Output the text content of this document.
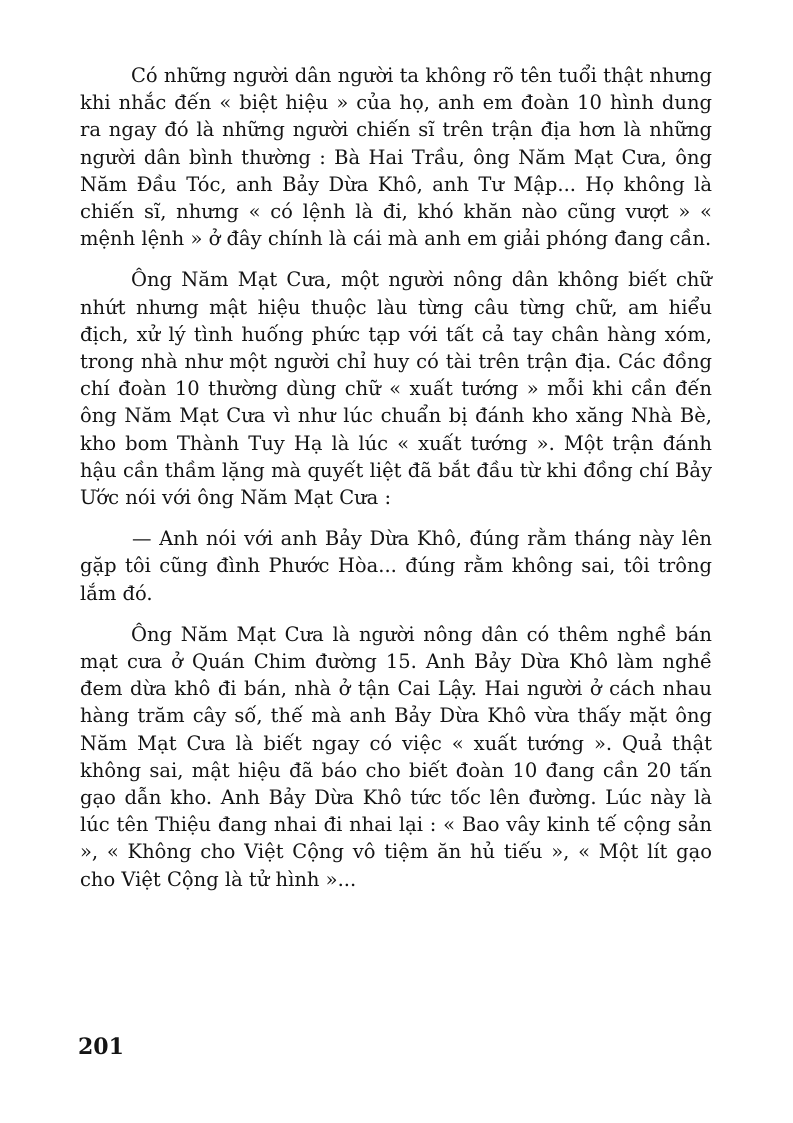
Có những người dân người ta không rõ tên tuổi thật nhưng khi nhắc đến « biệt hiệu » của họ, anh em đoàn 10 hình dung ra ngay đó là những người chiến sĩ trên trận địa hơn là những người dân bình thường : Bà Hai Trầu, ông Năm Mạt Cưa, ông Năm Đầu Tóc, anh Bảy Dừa Khô, anh Tư Mập... Họ không là chiến sĩ, nhưng « có lệnh là đi, khó khăn nào cũng vượt » « mệnh lệnh » ở đây chính là cái mà anh em giải phóng đang cần.

Ông Năm Mạt Cưa, một người nông dân không biết chữ nhứt nhưng mật hiệu thuộc làu từng câu từng chữ, am hiểu địch, xử lý tình huống phức tạp với tất cả tay chân hàng xóm, trong nhà như một người chỉ huy có tài trên trận địa. Các đồng chí đoàn 10 thường dùng chữ « xuất tướng » mỗi khi cần đến ông Năm Mạt Cưa vì như lúc chuẩn bị đánh kho xăng Nhà Bè, kho bom Thành Tuy Hạ là lúc « xuất tướng ». Một trận đánh hậu cần thầm lặng mà quyết liệt đã bắt đầu từ khi đồng chí Bảy Ước nói với ông Năm Mạt Cưa :

— Anh nói với anh Bảy Dừa Khô, đúng rằm tháng này lên gặp tôi cũng đình Phước Hòa... đúng rằm không sai, tôi trông lắm đó.

Ông Năm Mạt Cưa là người nông dân có thêm nghề bán mạt cưa ở Quán Chim đường 15. Anh Bảy Dừa Khô làm nghề đem dừa khô đi bán, nhà ở tận Cai Lậy. Hai người ở cách nhau hàng trăm cây số, thế mà anh Bảy Dừa Khô vừa thấy mặt ông Năm Mạt Cưa là biết ngay có việc « xuất tướng ». Quả thật không sai, mật hiệu đã báo cho biết đoàn 10 đang cần 20 tấn gạo dẫn kho. Anh Bảy Dừa Khô tức tốc lên đường. Lúc này là lúc tên Thiệu đang nhai đi nhai lại : « Bao vây kinh tế cộng sản », « Không cho Việt Cộng vô tiệm ăn hủ tiếu », « Một lít gạo cho Việt Cộng là tử hình »...

201
